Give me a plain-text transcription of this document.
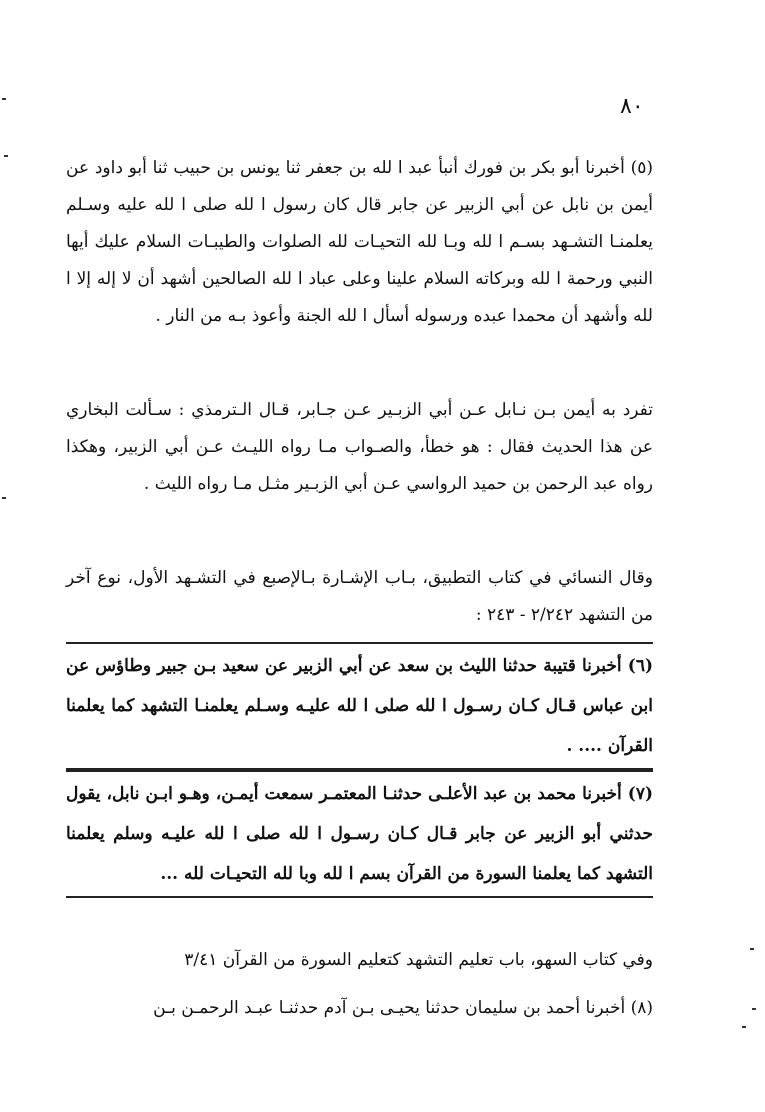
٨٠

(٥) أخبرنا أبو بكر بن فورك أنبأ عبد ا لله بن جعفر ثنا يونس بن حبيب ثنا أبو داود عن أيمن بن نابل عن أبي الزبير عن جابر قال كان رسول ا لله صلى ا لله عليه وسـلم يعلمنـا التشـهد بسـم ا لله وبـا لله التحيـات لله الصلوات والطيبـات السلام عليك أيها النبي ورحمة ا لله وبركاته السلام علينا وعلى عباد ا لله الصالحين أشهد أن لا إله إلا ا لله وأشهد أن محمدا عبده ورسوله أسأل ا لله الجنة وأعوذ بـه من النار .

تفرد به أيمن بـن نـابل عـن أبي الزبـير عـن جـابر، قـال الـترمذي : سـألت البخاري عن هذا الحديث فقال : هو خطأ، والصـواب مـا رواه الليـث عـن أبي الزبير، وهكذا رواه عبد الرحمن بن حميد الرواسي عـن أبي الزبـير مثـل مـا رواه الليث .

وقال النسائي في كتاب التطبيق، بـاب الإشـارة بـالإصبع في التشـهد الأول، نوع آخر من التشهد ٢/٢٤٢ - ٢٤٣ :

(٦) أخبرنا قتيبة حدثنا الليث بن سعد عن أبي الزبير عن سعيد بـن جبير وطاؤس عن ابن عباس قـال كـان رسـول ا لله صلى ا لله عليـه وسـلم يعلمنـا التشهد كما يعلمنا القرآن .... .

(٧) أخبرنا محمد بن عبد الأعلـى حدثنـا المعتمـر سمعت أيمـن، وهـو ابـن نابل، يقول حدثني أبو الزبير عن جابر قـال كـان رسـول ا لله صلى ا لله عليـه وسلم يعلمنا التشهد كما يعلمنا السورة من القرآن بسم ا لله وبا لله التحيـات لله ...

وفي كتاب السهو، باب تعليم التشهد كتعليم السورة من القرآن ٣/٤١

(٨) أخبرنا أحمد بن سليمان حدثنا يحيـى بـن آدم حدثنـا عبـد الرحمـن بـن
